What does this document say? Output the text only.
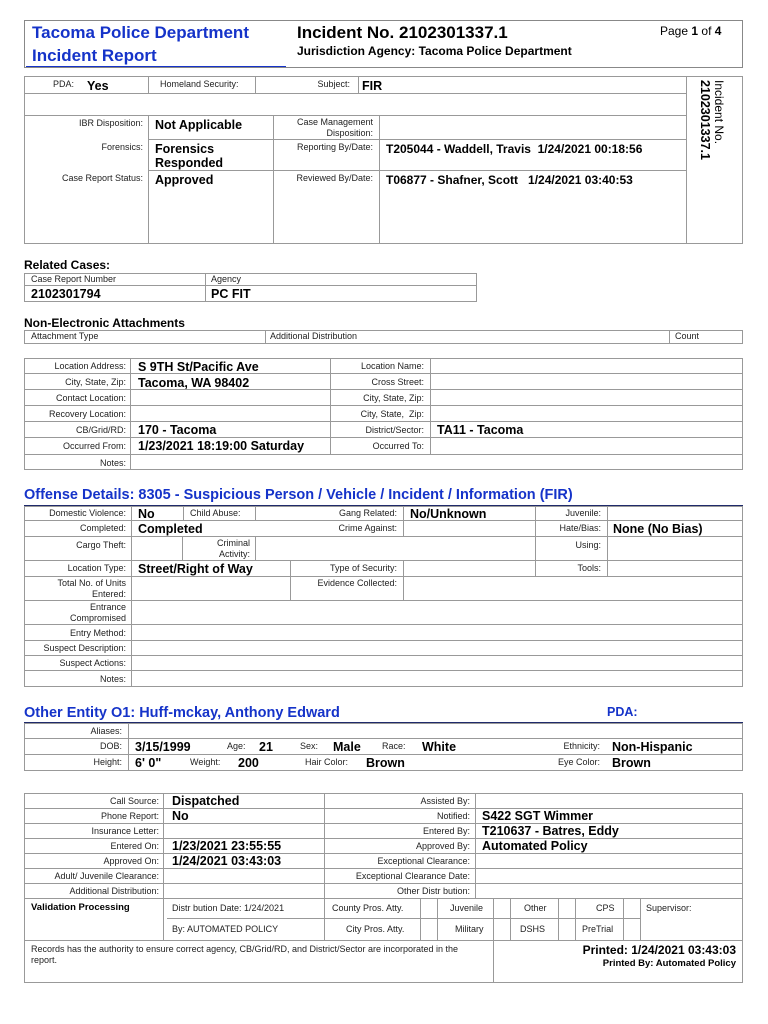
Tacoma Police Department
Incident Report
Incident No. 2102301337.1
Jurisdiction Agency: Tacoma Police Department
Page 1 of 4
PDA: Yes	Homeland Security:	Subject: FIR
IBR Disposition: Not Applicable	Case Management Disposition:
Forensics: Forensics Responded
Reporting By/Date: T205044 - Waddell, Travis  1/24/2021 00:18:56
Case Report Status: Approved	Reviewed By/Date: T06877 - Shafner, Scott   1/24/2021 03:40:53
Incident No.
2102301337.1
Related Cases:
Case Report Number	Agency
2102301794	PC FIT
Non-Electronic Attachments
Attachment Type	Additional Distribution	Count
Location Address: S 9TH St/Pacific Ave	Location Name:
City, State, Zip: Tacoma, WA 98402	Cross Street:
Contact Location:	City, State, Zip:
Recovery Location:	City, State,  Zip:
CB/Grid/RD: 170 - Tacoma	District/Sector: TA11 - Tacoma
Occurred From: 1/23/2021 18:19:00 Saturday	Occurred To:
Notes:
Offense Details: 8305 - Suspicious Person / Vehicle / Incident / Information (FIR)
Domestic Violence: No	Child Abuse:	Gang Related: No/Unknown	Juvenile:
Completed: Completed	Crime Against:	Hate/Bias: None (No Bias)
Cargo Theft:	Criminal Activity:
Using:
Location Type: Street/Right of Way	Type of Security:	Tools:
Total No. of Units Entered:
Evidence Collected:
Entrance Compromised
Entry Method:
Suspect Description:
Suspect Actions:
Notes:
Other Entity O1: Huff-mckay, Anthony Edward	PDA:
Aliases:
DOB: 3/15/1999	Age: 21	Sex: Male Race: White	Ethnicity: Non-Hispanic
Height: 6' 0"	Weight: 200	Hair Color: Brown	Eye Color: Brown
Call Source: Dispatched	Assisted By:
Phone Report: No	Notified: S422 SGT Wimmer
Insurance Letter:	Entered By: T210637 - Batres, Eddy
Entered On: 1/23/2021 23:55:55	Approved By: Automated Policy
Approved On: 1/24/2021 03:43:03	Exceptional Clearance:
Adult/ Juvenile Clearance:	Exceptional Clearance Date:
Additional Distribution:	Other Distr bution:
Validation Processing	Distr bution Date: 1/24/2021	County Pros. Atty.	Juvenile	Other	CPS	Supervisor:
By: AUTOMATED POLICY	City Pros. Atty.	Military	DSHS	PreTrial
Records has the authority to ensure correct agency, CB/Grid/RD, and District/Sector are incorporated in the report.
Printed: 1/24/2021 03:43:03
Printed By: Automated Policy
